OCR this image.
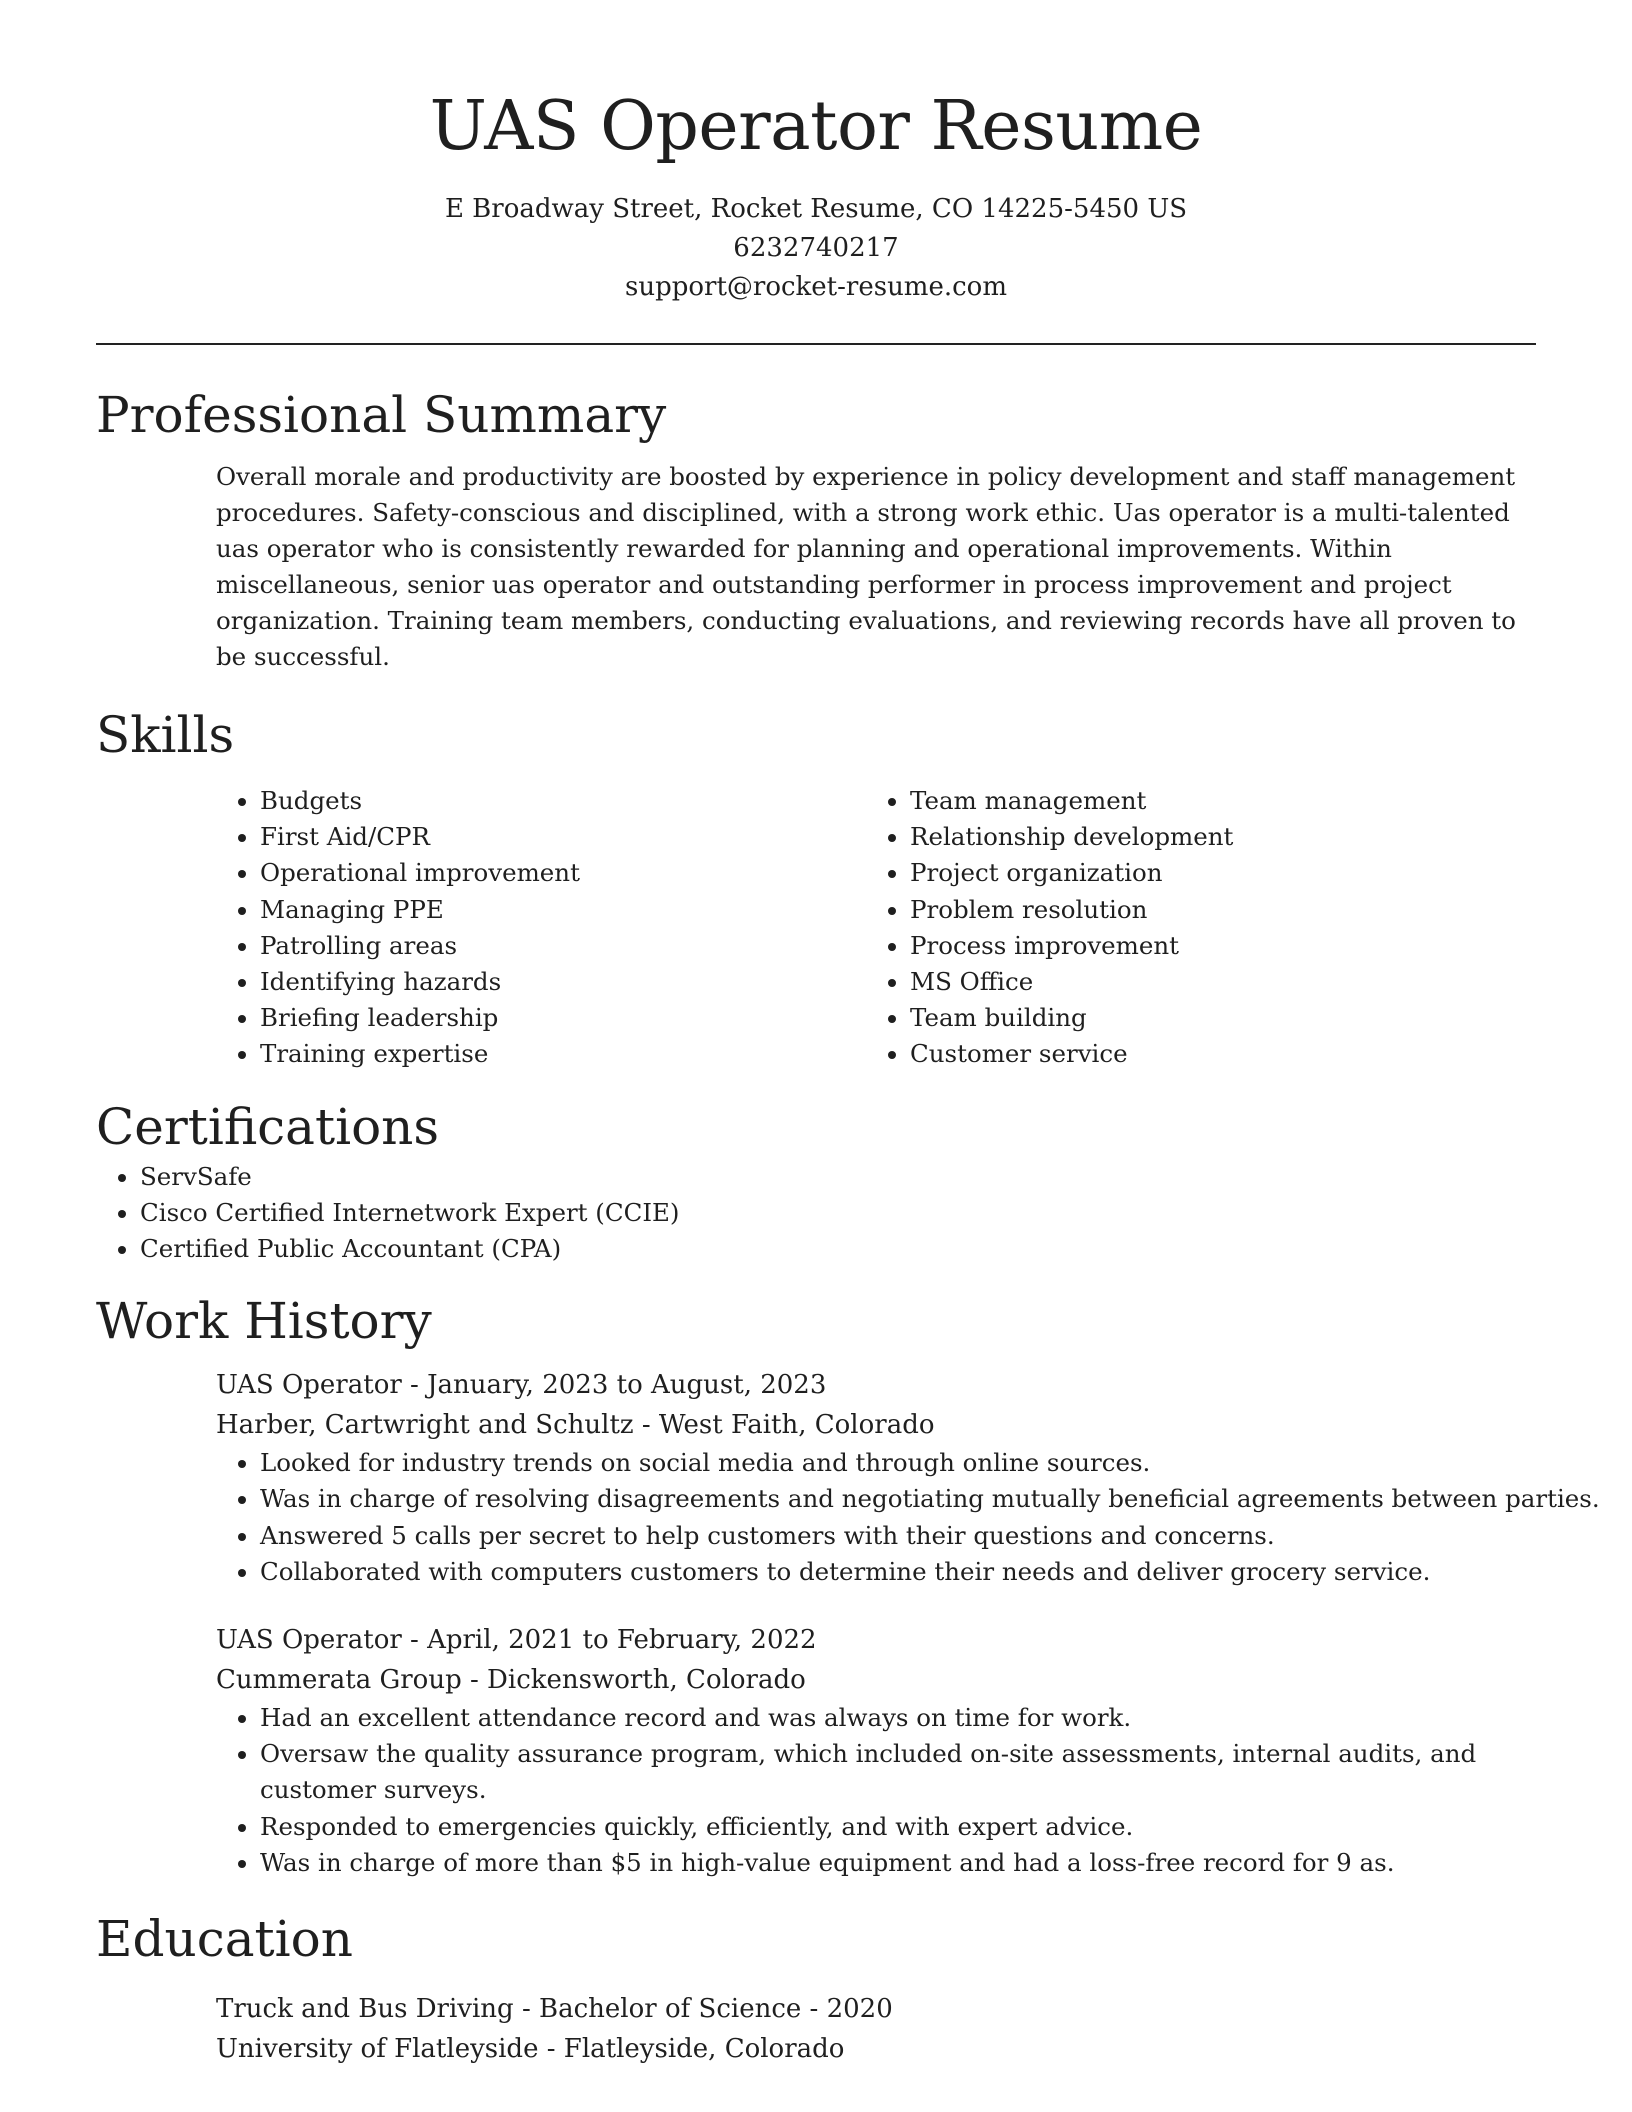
UAS Operator Resume
E Broadway Street, Rocket Resume, CO 14225-5450 US
6232740217
support@rocket-resume.com
Professional Summary

Overall morale and productivity are boosted by experience in policy development and staff management procedures. Safety-conscious and disciplined, with a strong work ethic. Uas operator is a multi-talented uas operator who is consistently rewarded for planning and operational improvements. Within miscellaneous, senior uas operator and outstanding performer in process improvement and project organization. Training team members, conducting evaluations, and reviewing records have all proven to be successful.

Skills
• Budgets
• First Aid/CPR
• Operational improvement
• Managing PPE
• Patrolling areas
• Identifying hazards
• Briefing leadership
• Training expertise
• Team management
• Relationship development
• Project organization
• Problem resolution
• Process improvement
• MS Office
• Team building
• Customer service
Certifications
• ServSafe
• Cisco Certified Internetwork Expert (CCIE)
• Certified Public Accountant (CPA)
Work History
UAS Operator - January, 2023 to August, 2023
Harber, Cartwright and Schultz - West Faith, Colorado
• Looked for industry trends on social media and through online sources.
• Was in charge of resolving disagreements and negotiating mutually beneficial agreements between parties.
• Answered 5 calls per secret to help customers with their questions and concerns.
• Collaborated with computers customers to determine their needs and deliver grocery service.
UAS Operator - April, 2021 to February, 2022
Cummerata Group - Dickensworth, Colorado
• Had an excellent attendance record and was always on time for work.
• Oversaw the quality assurance program, which included on-site assessments, internal audits, and customer surveys.
• Responded to emergencies quickly, efficiently, and with expert advice.
• Was in charge of more than $5 in high-value equipment and had a loss-free record for 9 as.
Education
Truck and Bus Driving - Bachelor of Science - 2020
University of Flatleyside - Flatleyside, Colorado
